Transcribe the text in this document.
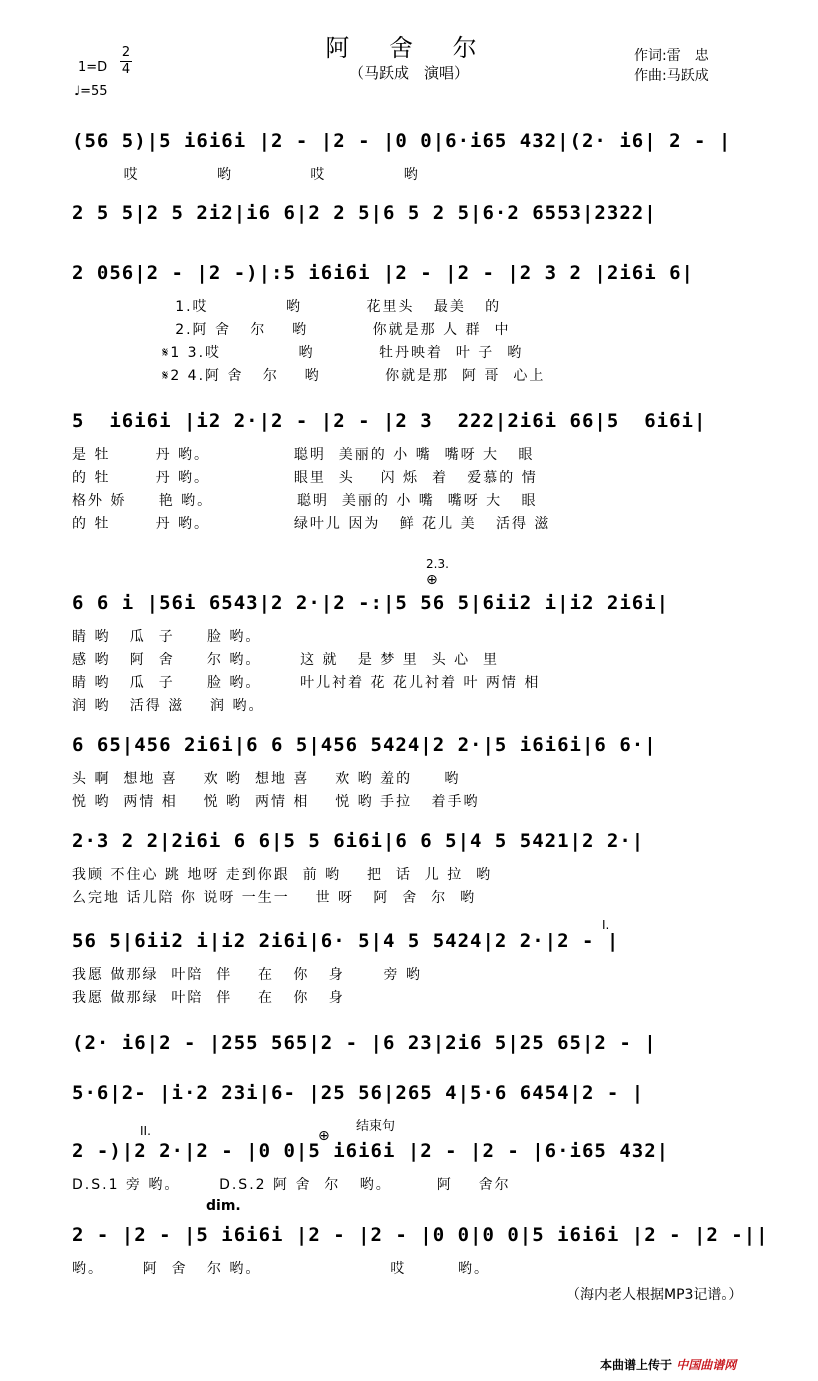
阿 舍 尔
（马跃成　演唱）
1=D
2
4
♩=55
作词:雷　忠
作曲:马跃成
(56 5)|5 i6i6i |2 - |2 - |0 0|6·i65 432|(2· i6| 2 - |
哎            哟            哎            哟
2 5 5|2 5 2i2|i6 6|2 2 5|6 5 2 5|6·2 6553|2322|
2 056|2 - |2 -)|:5 i6i6i |2 - |2 - |2 3 2 |2i6i 6|
1.哎            哟          花里头   最美   的
2.阿 舍   尔    哟          你就是那 人 群  中
𝄋1 3.哎            哟          牡丹映着  叶 子  哟
𝄋2 4.阿 舍   尔    哟          你就是那  阿 哥  心上
5  i6i6i |i2 2·|2 - |2 - |2 3  222|2i6i 66|5  6i6i|
是 牡       丹 哟。             聪明  美丽的 小 嘴  嘴呀 大   眼
的 牡       丹 哟。             眼里  头    闪 烁  着   爱慕的 情
格外 娇     艳 哟。             聪明  美丽的 小 嘴  嘴呀 大   眼
的 牡       丹 哟。             绿叶儿 因为   鲜 花儿 美   活得 滋
6 6 i |56i 6543|2 2·|2 -:|5 56 5|6ii2 i|i2 2i6i|
睛 哟   瓜  子     脸 哟。
感 哟   阿  舍     尔 哟。      这 就   是 梦 里  头 心  里
睛 哟   瓜  子     脸 哟。      叶儿衬着 花 花儿衬着 叶 两情 相
润 哟   活得 滋    润 哟。
6 65|456 2i6i|6 6 5|456 5424|2 2·|5 i6i6i|6 6·|
头 啊  想地 喜    欢 哟  想地 喜    欢 哟 羞的     哟
悦 哟  两情 相    悦 哟  两情 相    悦 哟 手拉   着手哟
2·3 2 2|2i6i 6 6|5 5 6i6i|6 6 5|4 5 5421|2 2·|
我顾 不住心 跳 地呀 走到你跟  前 哟    把  话  儿 拉  哟
么完地 话儿陪 你 说呀 一生一    世 呀   阿  舍  尔  哟
56 5|6ii2 i|i2 2i6i|6· 5|4 5 5424|2 2·|2 - |
我愿 做那绿  叶陪  伴    在   你   身      旁 哟
我愿 做那绿  叶陪  伴    在   你   身
(2· i6|2 - |255 565|2 - |6 23|2i6 5|25 65|2 - |
5·6|2- |i·2 23i|6- |25 56|265 4|5·6 6454|2 - |
2 -)|2 2·|2 - |0 0|5 i6i6i |2 - |2 - |6·i65 432|
D.S.1 旁 哟。      D.S.2 阿 舍  尔   哟。       阿    舍尔
2 - |2 - |5 i6i6i |2 - |2 - |0 0|0 0|5 i6i6i |2 - |2 -||
哟。      阿  舍   尔 哟。                    哎        哟。
2.3.
⊕
I.
II.	⊕
结束句
dim.
（海内老人根据MP3记谱。）
本曲谱上传于 中国曲谱网
